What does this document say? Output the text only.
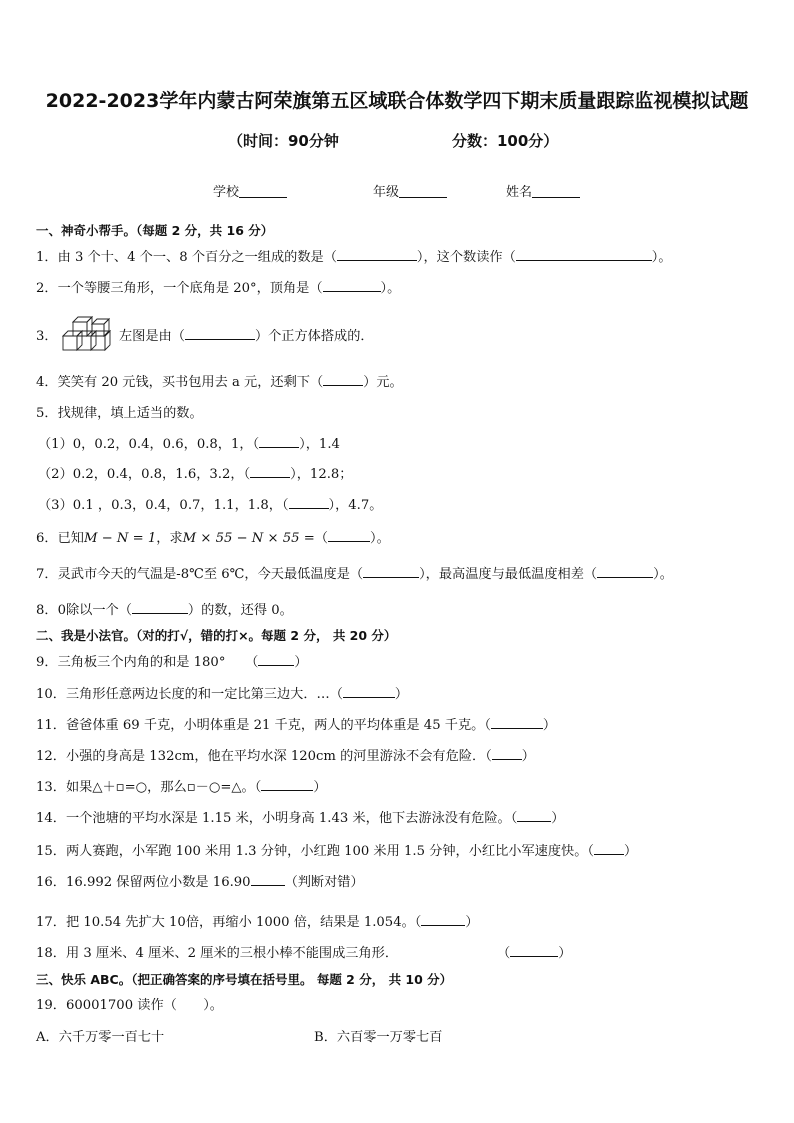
2022-2023学年内蒙古阿荣旗第五区域联合体数学四下期末质量跟踪监视模拟试题
（时间：90分钟	分数：100分）
学校	年级	姓名
一、神奇小帮手。（每题 2 分，共 16 分）
1．由 3 个十、4 个一、8 个百分之一组成的数是（	），这个数读作（	）。
2．一个等腰三角形，一个底角是 20°，顶角是（	）。
3．	左图是由（	）个正方体搭成的．
4．笑笑有 20 元钱，买书包用去 a 元，还剩下（	）元。
5．找规律，填上适当的数。
（1）0，0.2，0.4，0.6，0.8，1，（	），1.4
（2）0.2，0.4，0.8，1.6，3.2，（	），12.8；
（3）0.1 ，0.3，0.4，0.7，1.1，1.8，（	），4.7。
6．已知M − N = 1，求M × 55 − N × 55 =（	）。
7．灵武市今天的气温是-8℃至 6℃，今天最低温度是（	），最高温度与最低温度相差（	）。
8．0除以一个（	）的数，还得 0。
二、我是小法官。（对的打√，错的打×。每题 2 分， 共 20 分）
9．三角板三个内角的和是 180°　　（	）
10．三角形任意两边长度的和一定比第三边大．…（	）
11．爸爸体重 69 千克，小明体重是 21 千克，两人的平均体重是 45 千克。（	）
12．小强的身高是 132cm，他在平均水深 120cm 的河里游泳不会有危险．（ ）
13．如果△＋▫=○，那么▫－○=△。（	）
14．一个池塘的平均水深是 1.15 米，小明身高 1.43 米，他下去游泳没有危险。（	）
15．两人赛跑，小军跑 100 米用 1.3 分钟，小红跑 100 米用 1.5 分钟，小红比小军速度快。（ ）
16．16.992 保留两位小数是 16.90	（判断对错）
17．把 10.54 先扩大 10倍，再缩小 1000 倍，结果是 1.054。（	）
18．用 3 厘米、4 厘米、2 厘米的三根小棒不能围成三角形．	（	）
三、快乐 ABC。（把正确答案的序号填在括号里。 每题 2 分， 共 10 分）
19．60001700 读作（　　）。
A．六千万零一百七十	B．六百零一万零七百
